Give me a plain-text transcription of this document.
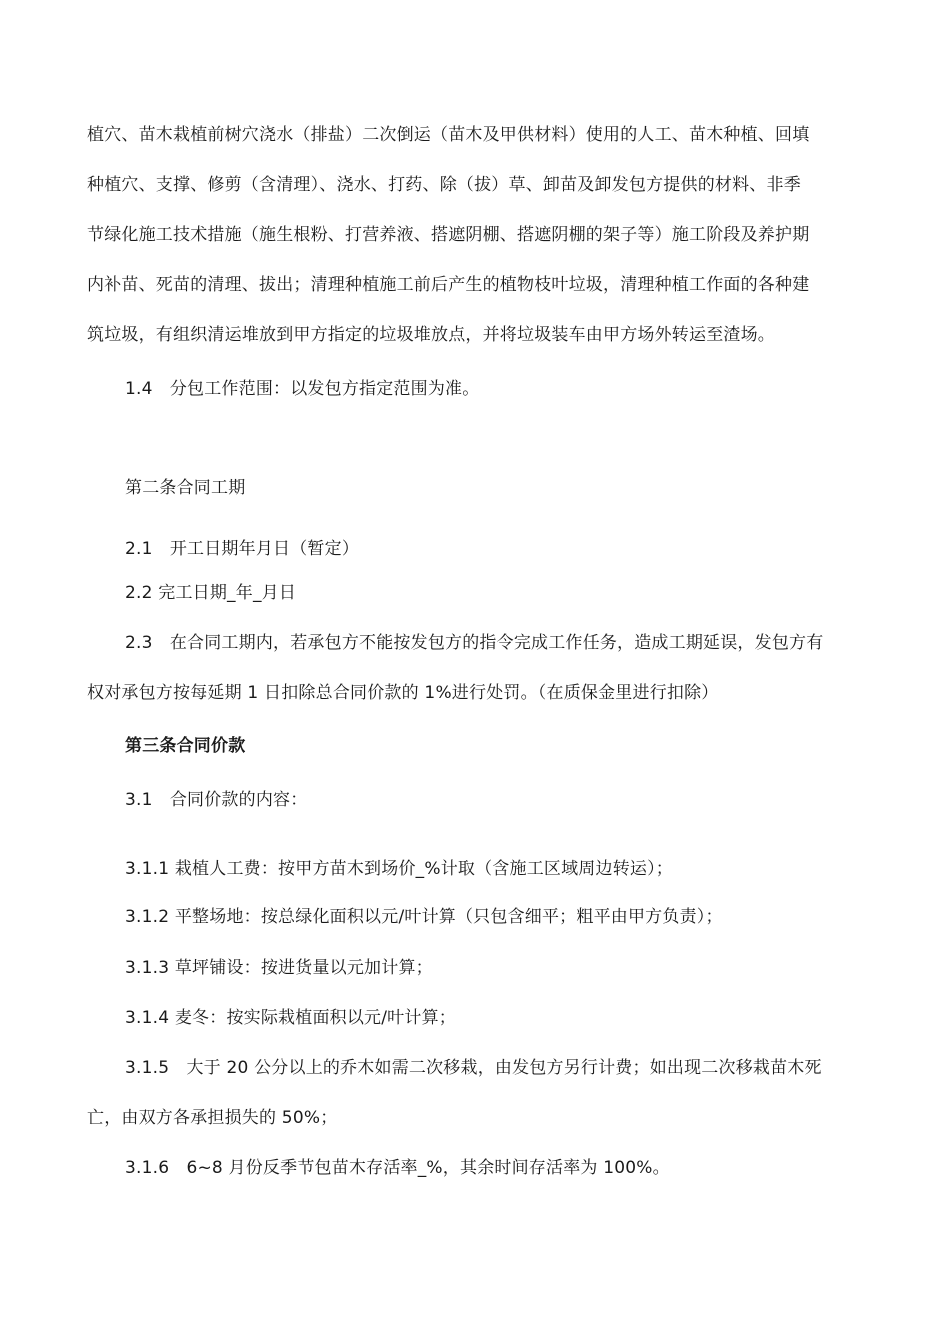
植穴、苗木栽植前树穴浇水（排盐）二次倒运（苗木及甲供材料）使用的人工、苗木种植、回填
种植穴、支撑、修剪（含清理）、浇水、打药、除（拔）草、卸苗及卸发包方提供的材料、非季
节绿化施工技术措施（施生根粉、打营养液、搭遮阴棚、搭遮阴棚的架子等）施工阶段及养护期
内补苗、死苗的清理、拔出；清理种植施工前后产生的植物枝叶垃圾，清理种植工作面的各种建
筑垃圾，有组织清运堆放到甲方指定的垃圾堆放点，并将垃圾装车由甲方场外转运至渣场。
1.4　分包工作范围：以发包方指定范围为准。
第二条合同工期
2.1　开工日期年月日（暂定）
2.2 完工日期_年_月日
2.3　在合同工期内，若承包方不能按发包方的指令完成工作任务，造成工期延误，发包方有
权对承包方按每延期 1 日扣除总合同价款的 1%进行处罚。（在质保金里进行扣除）
第三条合同价款
3.1　合同价款的内容：
3.1.1 栽植人工费：按甲方苗木到场价_%计取（含施工区域周边转运）；
3.1.2 平整场地：按总绿化面积以元/叶计算（只包含细平；粗平由甲方负责）；
3.1.3 草坪铺设：按进货量以元加计算；
3.1.4 麦冬：按实际栽植面积以元/叶计算；
3.1.5　大于 20 公分以上的乔木如需二次移栽，由发包方另行计费；如出现二次移栽苗木死
亡，由双方各承担损失的 50%；
3.1.6　6~8 月份反季节包苗木存活率_%，其余时间存活率为 100%。
